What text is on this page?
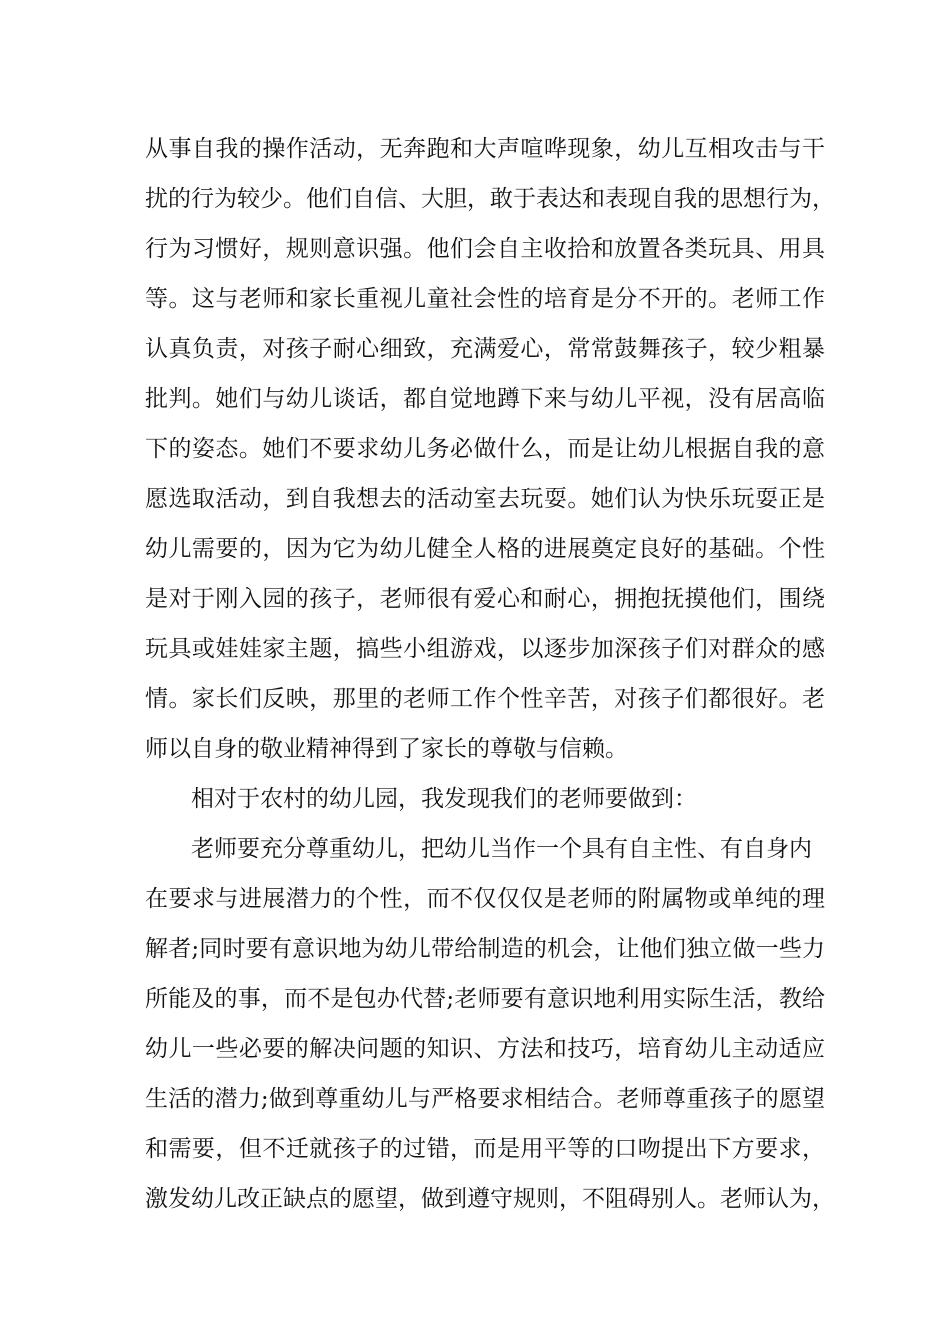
从事自我的操作活动，无奔跑和大声喧哗现象，幼儿互相攻击与干
扰的行为较少。他们自信、大胆，敢于表达和表现自我的思想行为，
行为习惯好，规则意识强。他们会自主收拾和放置各类玩具、用具
等。这与老师和家长重视儿童社会性的培育是分不开的。老师工作
认真负责，对孩子耐心细致，充满爱心，常常鼓舞孩子，较少粗暴
批判。她们与幼儿谈话，都自觉地蹲下来与幼儿平视，没有居高临
下的姿态。她们不要求幼儿务必做什么，而是让幼儿根据自我的意
愿选取活动，到自我想去的活动室去玩耍。她们认为快乐玩耍正是
幼儿需要的，因为它为幼儿健全人格的进展奠定良好的基础。个性
是对于刚入园的孩子，老师很有爱心和耐心，拥抱抚摸他们，围绕
玩具或娃娃家主题，搞些小组游戏，以逐步加深孩子们对群众的感
情。家长们反映，那里的老师工作个性辛苦，对孩子们都很好。老
师以自身的敬业精神得到了家长的尊敬与信赖。
相对于农村的幼儿园，我发现我们的老师要做到：
老师要充分尊重幼儿，把幼儿当作一个具有自主性、有自身内
在要求与进展潜力的个性，而不仅仅仅是老师的附属物或单纯的理
解者;同时要有意识地为幼儿带给制造的机会，让他们独立做一些力
所能及的事，而不是包办代替;老师要有意识地利用实际生活，教给
幼儿一些必要的解决问题的知识、方法和技巧，培育幼儿主动适应
生活的潜力;做到尊重幼儿与严格要求相结合。老师尊重孩子的愿望
和需要，但不迁就孩子的过错，而是用平等的口吻提出下方要求，
激发幼儿改正缺点的愿望，做到遵守规则，不阻碍别人。老师认为，
